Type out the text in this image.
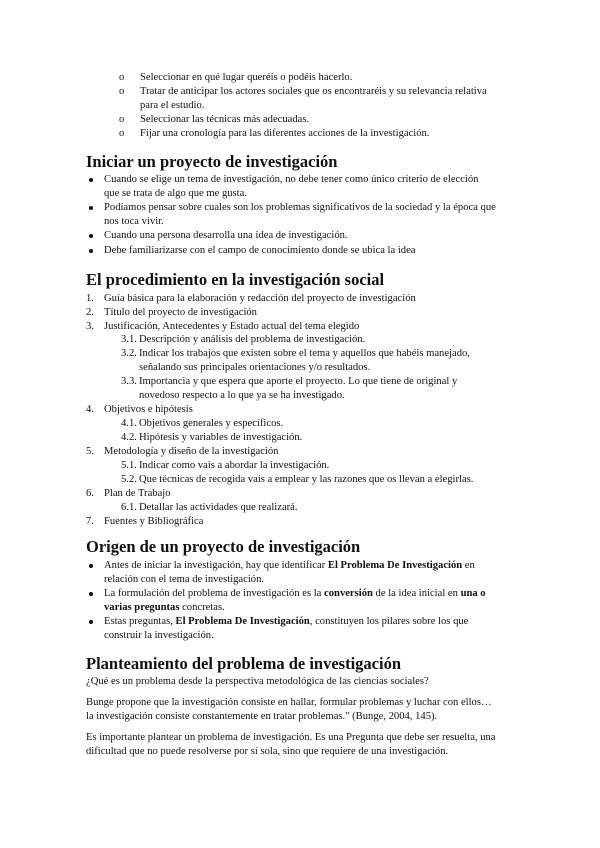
o Seleccionar en qué lugar queréis o podéis hacerlo.
o Tratar de anticipar los actores sociales que os encontraréis y su relevancia relativa
para el estudio.
o Seleccionar las técnicas más adecuadas.
o Fijar una cronología para las diferentes acciones de la investigación.
Iniciar un proyecto de investigación
Cuando se elige un tema de investigación, no debe tener como único criterio de elección
que se trata de algo que me gusta.
Podíamos pensar sobre cuales son los problemas significativos de la sociedad y la época que
nos toca vivir.
Cuando una persona desarrolla una idea de investigación.
Debe familiarizarse con el campo de conocimiento donde se ubica la idea
El procedimiento en la investigación social
1. Guía básica para la elaboración y redacción del proyecto de investigación
2. Título del proyecto de investigación
3. Justificación, Antecedentes y Estado actual del tema elegido
3.1. Descripción y análisis del problema de investigación.
3.2. Indicar los trabajos que existen sobre el tema y aquellos que habéis manejado,
señalando sus principales orientaciones y/o resultados.
3.3. Importancia y que espera que aporte el proyecto. Lo que tiene de original y
novedoso respecto a lo que ya se ha investigado.
4. Objetivos e hipótesis
4.1. Objetivos generales y específicos.
4.2. Hipótesis y variables de investigación.
5. Metodología y diseño de la investigación
5.1. Indicar como vais a abordar la investigación.
5.2. Que técnicas de recogida vais a emplear y las razones que os llevan a elegirlas.
6. Plan de Trabajo
6.1. Detallar las actividades que realizará.
7. Fuentes y Bibliográfica
Origen de un proyecto de investigación
Antes de iniciar la investigación, hay que identificar El Problema De Investigación en
relación con el tema de investigación.
La formulación del problema de investigación es la conversión de la idea inicial en una o
varias preguntas concretas.
Estas preguntas, El Problema De Investigación, constituyen los pilares sobre los que
construir la investigación.
Planteamiento del problema de investigación
¿Qué es un problema desde la perspectiva metodológica de las ciencias sociales?
Bunge propone que la investigación consiste en hallar, formular problemas y luchar con ellos…
la investigación consiste constantemente en tratar problemas." (Bunge, 2004, 145).
Es importante plantear un problema de investigación. Es una Pregunta que debe ser resuelta, una
dificultad que no puede resolverse por sí sola, sino que requiere de una investigación.
